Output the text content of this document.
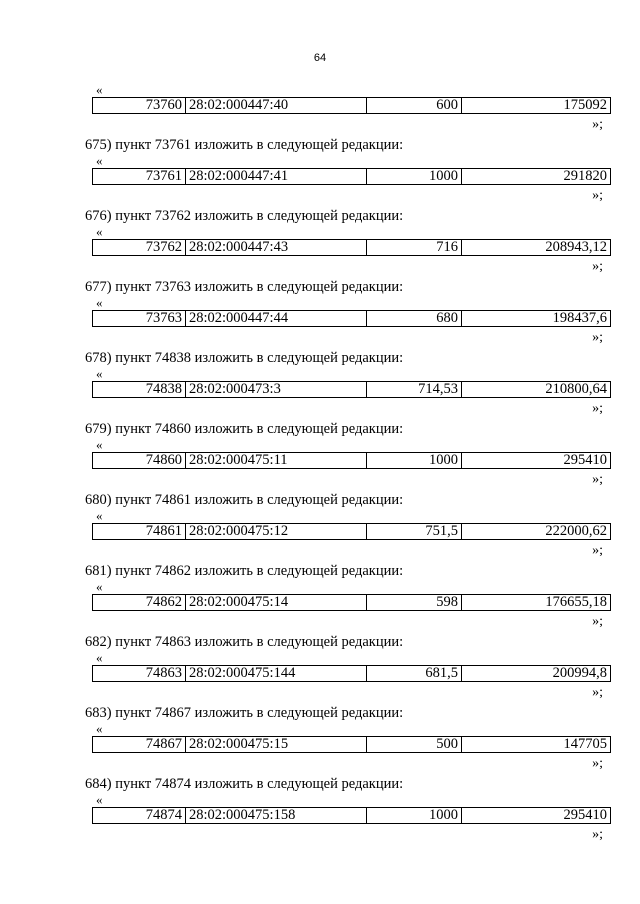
64
«
73760	28:02:000447:40	600	175092
»;
675) пункт 73761 изложить в следующей редакции:
«
73761	28:02:000447:41	1000	291820
»;
676) пункт 73762 изложить в следующей редакции:
«
73762	28:02:000447:43	716	208943,12
»;
677) пункт 73763 изложить в следующей редакции:
«
73763	28:02:000447:44	680	198437,6
»;
678) пункт 74838 изложить в следующей редакции:
«
74838	28:02:000473:3	714,53	210800,64
»;
679) пункт 74860 изложить в следующей редакции:
«
74860	28:02:000475:11	1000	295410
»;
680) пункт 74861 изложить в следующей редакции:
«
74861	28:02:000475:12	751,5	222000,62
»;
681) пункт 74862 изложить в следующей редакции:
«
74862	28:02:000475:14	598	176655,18
»;
682) пункт 74863 изложить в следующей редакции:
«
74863	28:02:000475:144	681,5	200994,8
»;
683) пункт 74867 изложить в следующей редакции:
«
74867	28:02:000475:15	500	147705
»;
684) пункт 74874 изложить в следующей редакции:
«
74874	28:02:000475:158	1000	295410
»;
